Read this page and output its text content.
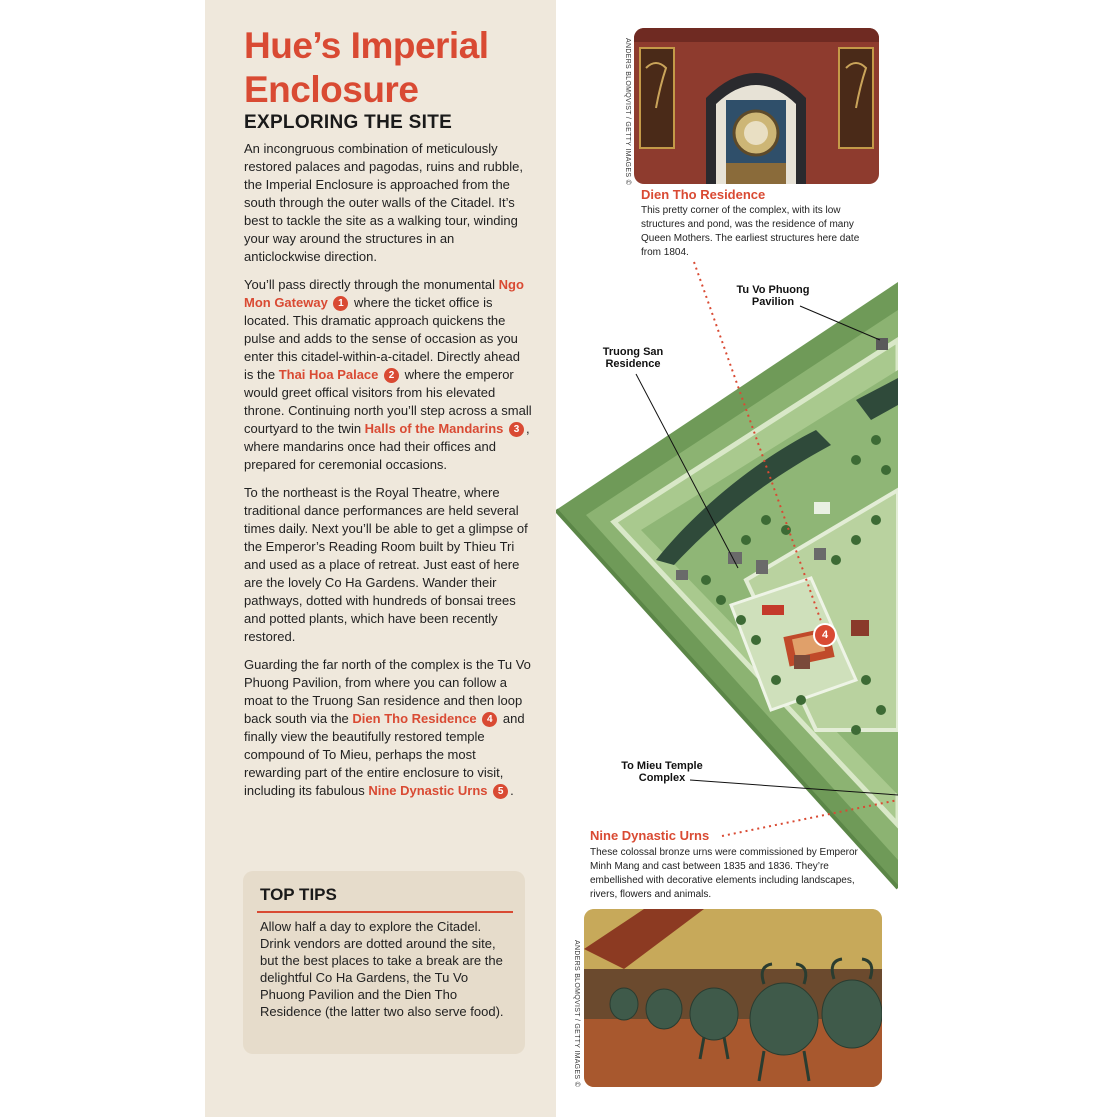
Hue’s Imperial Enclosure
EXPLORING THE SITE

An incongruous combination of meticulously restored palaces and pagodas, ruins and rubble, the Imperial Enclosure is approached from the south through the outer walls of the Citadel. It’s best to tackle the site as a walking tour, winding your way around the structures in an anticlockwise direction.

You’ll pass directly through the monumental Ngo Mon Gateway 1 where the ticket office is located. This dramatic approach quickens the pulse and adds to the sense of occasion as you enter this citadel-within-a-citadel. Directly ahead is the Thai Hoa Palace 2 where the emperor would greet offical visitors from his elevated throne. Continuing north you’ll step across a small courtyard to the twin Halls of the Mandarins 3 , where mandarins once had their offices and prepared for ceremonial occasions.

To the northeast is the Royal Theatre, where traditional dance performances are held several times daily. Next you’ll be able to get a glimpse of the Emperor’s Reading Room built by Thieu Tri and used as a place of retreat. Just east of here are the lovely Co Ha Gardens. Wander their pathways, dotted with hundreds of bonsai trees and potted plants, which have been recently restored.

Guarding the far north of the complex is the Tu Vo Phuong Pavilion, from where you can follow a moat to the Truong San residence and then loop back south via the Dien Tho Residence 4 and finally view the beautifully restored temple compound of To Mieu, perhaps the most rewarding part of the entire enclosure to visit, including its fabulous Nine Dynastic Urns 5 .

TOP TIPS
Allow half a day to explore the Citadel. Drink vendors are dotted around the site, but the best places to take a break are the delightful Co Ha Gardens, the Tu Vo Phuong Pavilion and the Dien Tho Residence (the latter two also serve food).
ANDERS BLOMQVIST / GETTY IMAGES ©
Dien Tho Residence

This pretty corner of the complex, with its low structures and pond, was the residence of many Queen Mothers. The earliest structures here date from 1804.

Tu Vo Phuong Pavilion
Truong San Residence
To Mieu Temple Complex
4
Nine Dynastic Urns

These colossal bronze urns were commissioned by Emperor Minh Mang and cast between 1835 and 1836. They’re embellished with decorative elements including landscapes, rivers, flowers and animals.

ANDERS BLOMQVIST / GETTY IMAGES ©
